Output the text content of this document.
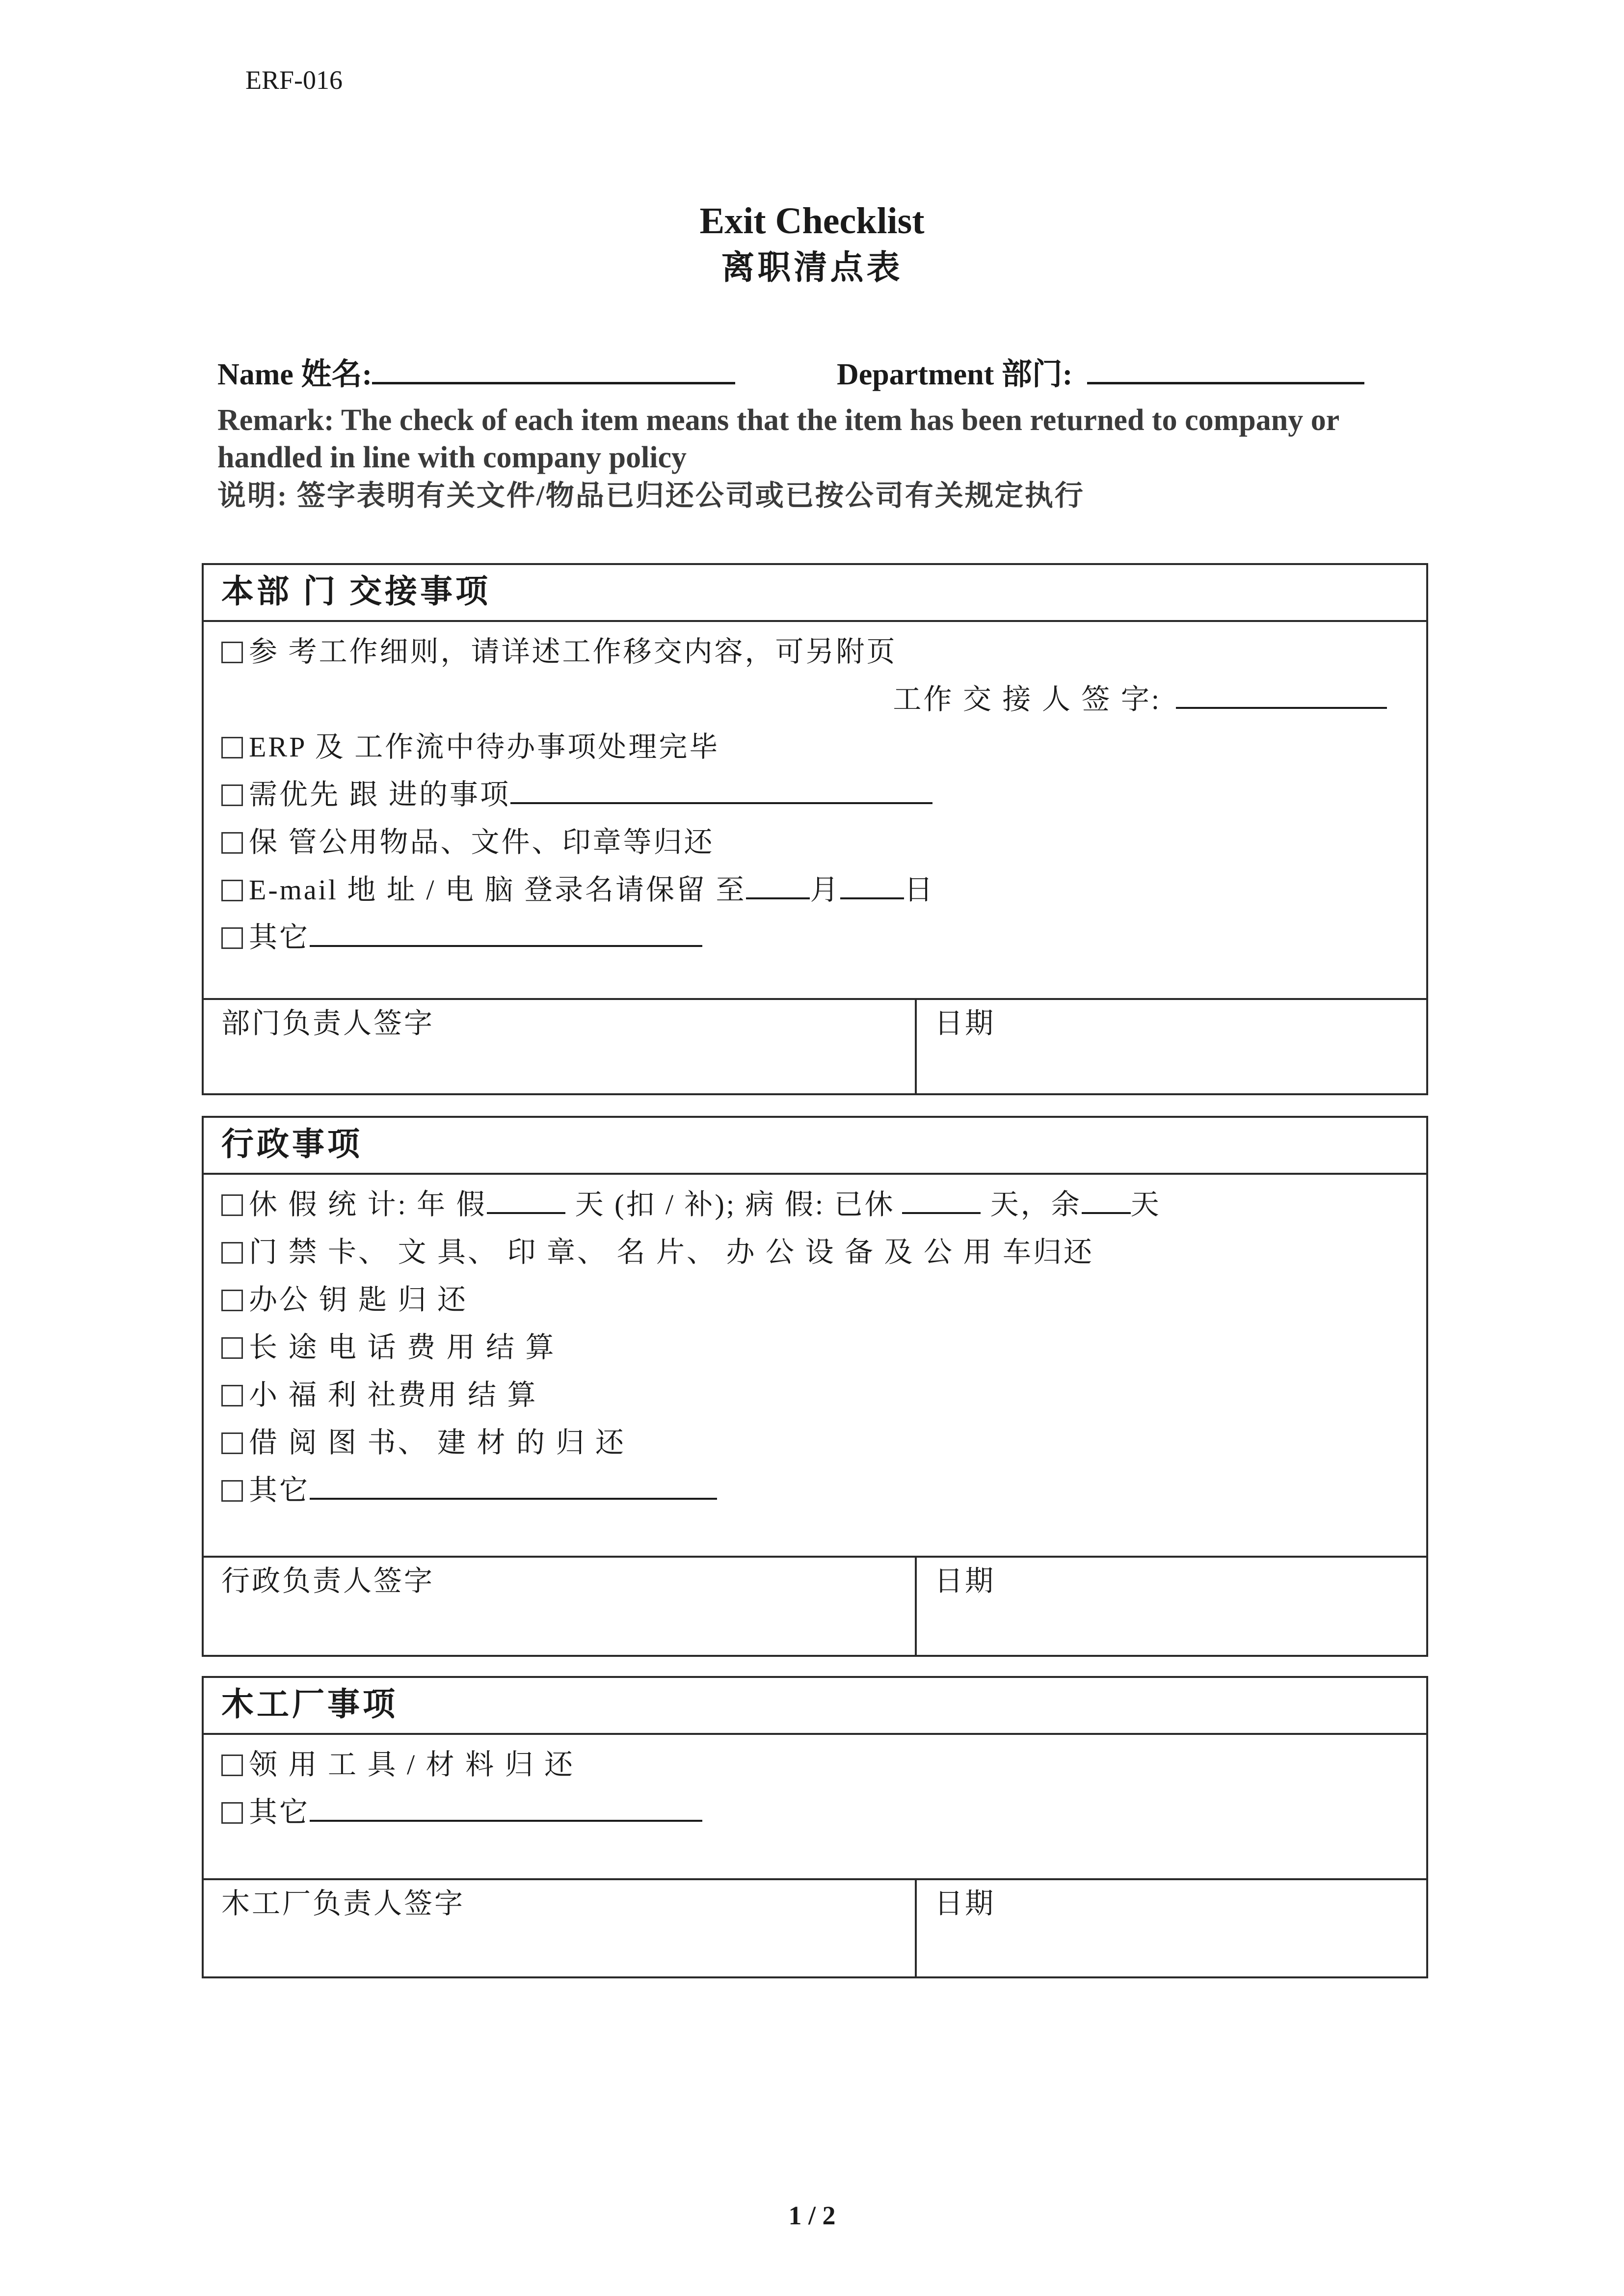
ERF-016
Exit Checklist
离职清点表
Name 姓名:	Department 部门:
Remark: The check of each item means that the item has been returned to company or handled in line with company policy
说明: 签字表明有关文件/物品已归还公司或已按公司有关规定执行
本部 门 交接事项
参 考工作细则，请详述工作移交内容，可另附页
工作 交 接 人 签 字:
ERP 及 工作流中待办事项处理完毕
需优先 跟 进的事项
保 管公用物品、文件、印章等归还
E-mail 地 址 / 电 脑 登录名请保留 至 月 日
其它
部门负责人签字	日期
行政事项
休 假 统 计: 年 假	天 (扣 / 补); 病 假: 已休	天，余 天
门 禁 卡、 文 具、 印 章、 名 片、 办 公 设 备 及 公 用 车归还
办公 钥 匙 归 还
长 途 电 话 费 用 结 算
小 福 利 社费用 结 算
借 阅 图 书、 建 材 的 归 还
其它
行政负责人签字	日期
木工厂事项
领 用 工 具 / 材 料 归 还
其它
木工厂负责人签字	日期
1 / 2
